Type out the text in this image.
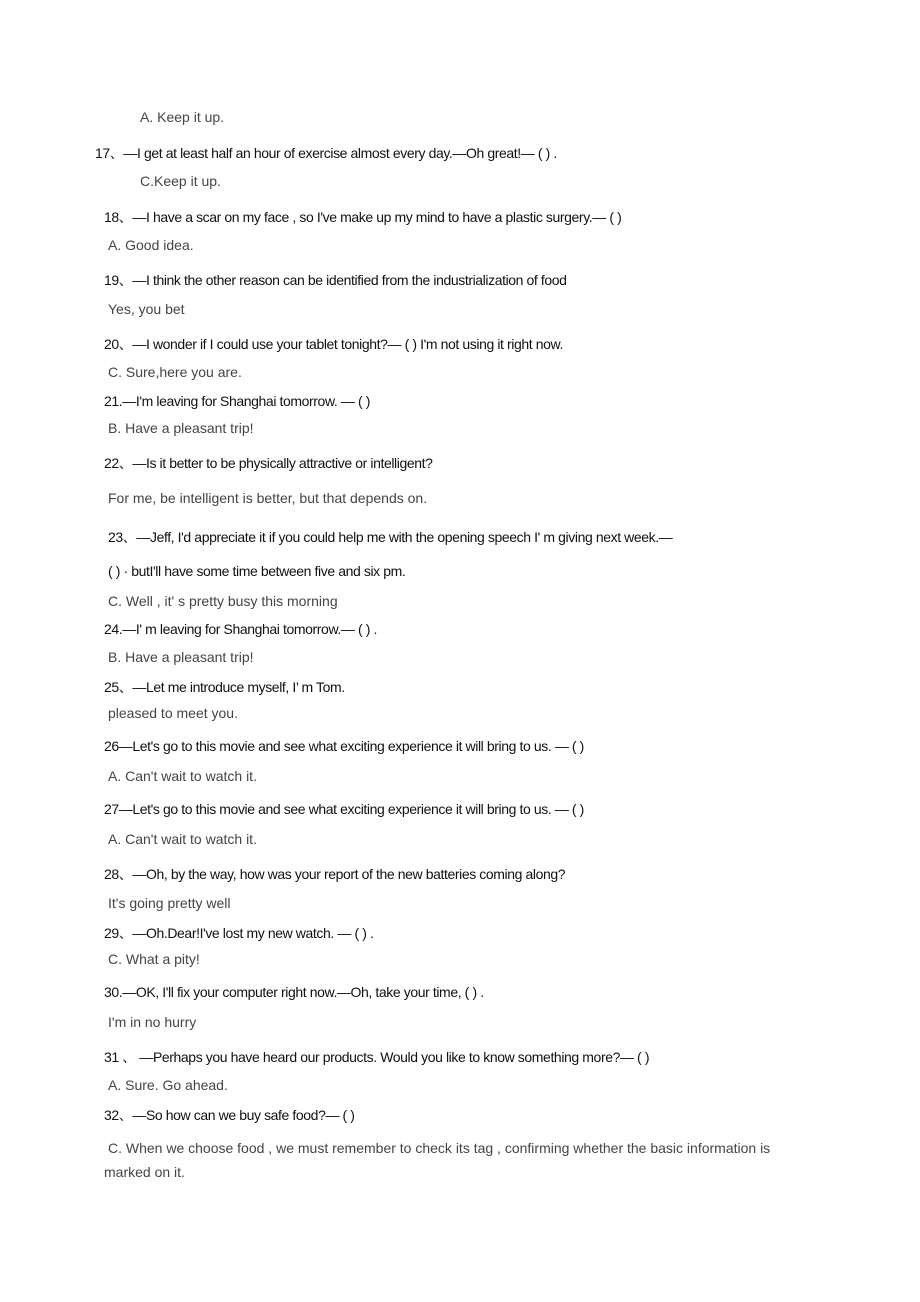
A. Keep it up.
17、—I get at least half an hour of exercise almost every day.—Oh great!— ( ) .
C.Keep it up.
18、—I have a scar on my face , so I've make up my mind to have a plastic surgery.— ( )
A. Good idea.
19、—I think the other reason can be identified from the industrialization of food
Yes, you bet
20、—I wonder if I could use your tablet tonight?— ( ) I'm not using it right now.
C. Sure,here you are.
21.—I'm leaving for Shanghai tomorrow. — ( )
B. Have a pleasant trip!
22、—Is it better to be physically attractive or intelligent?
For me, be intelligent is better, but that depends on.
23、—Jeff, I'd appreciate it if you could help me with the opening speech I' m giving next week.—
( ) · butI'll have some time between five and six pm.
C. Well , it' s pretty busy this morning
24.—I' m leaving for Shanghai tomorrow.— ( ) .
B. Have a pleasant trip!
25、—Let me introduce myself, I’ m Tom.
pleased to meet you.
26—Let's go to this movie and see what exciting experience it will bring to us. — ( )
A. Can't wait to watch it.
27—Let's go to this movie and see what exciting experience it will bring to us. — ( )
A. Can't wait to watch it.
28、—Oh, by the way, how was your report of the new batteries coming along?
It's going pretty well
29、—Oh.Dear!I've lost my new watch. — ( ) .
C. What a pity!
30.—OK, I'll fix your computer right now.—Oh, take your time, ( ) .
I'm in no hurry
31 、 —Perhaps you have heard our products. Would you like to know something more?— ( )
A. Sure. Go ahead.
32、—So how can we buy safe food?— ( )
C. When we choose food , we must remember to check its tag , confirming whether the basic information is marked on it.
